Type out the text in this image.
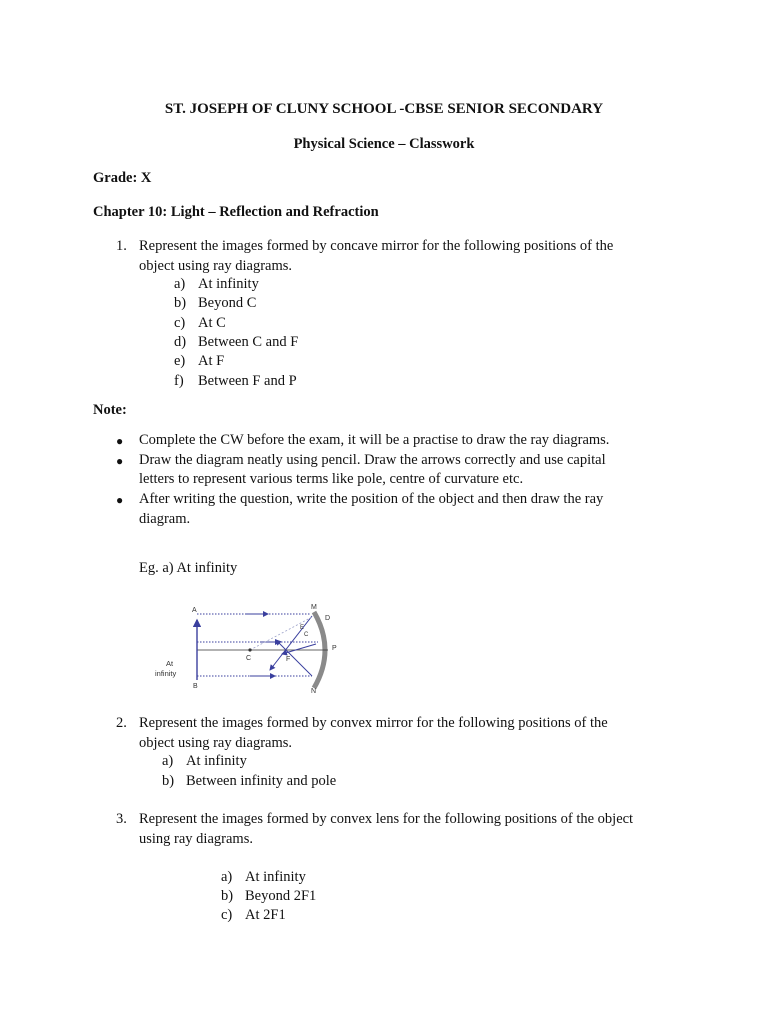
ST. JOSEPH OF CLUNY SCHOOL -CBSE SENIOR SECONDARY
Physical Science – Classwork
Grade: X
Chapter 10: Light – Reflection and Refraction
1. Represent the images formed by concave mirror for the following positions of the
object using ray diagrams.
a) At infinity
b) Beyond C
c) At C
d) Between C and F
e) At F
f) Between F and P
Note:
● Complete the CW before the exam, it will be a practise to draw the ray diagrams.
● Draw the diagram neatly using pencil. Draw the arrows correctly and use capital
letters to represent various terms like pole, centre of curvature etc.
● After writing the question, write the position of the object and then draw the ray
diagram.
Eg. a) At infinity
A
B
M
N
D
P
C	F
E
C
At
infinity
2. Represent the images formed by convex mirror for the following positions of the
object using ray diagrams.
a) At infinity
b) Between infinity and pole
3. Represent the images formed by convex lens for the following positions of the object
using ray diagrams.
a) At infinity
b) Beyond 2F1
c) At 2F1
